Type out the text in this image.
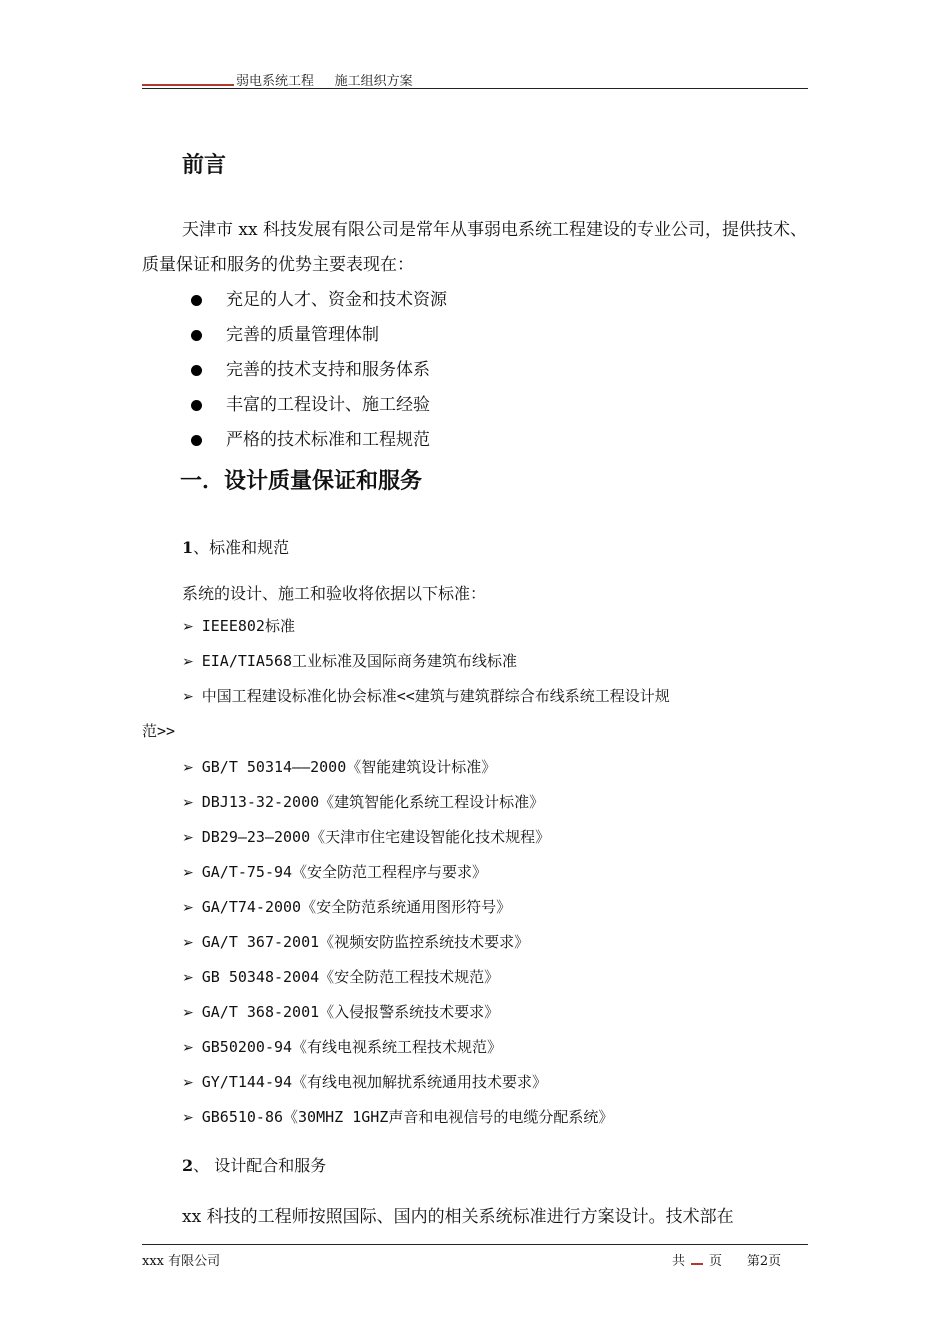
弱电系统工程     施工组织方案
前言

天津市 xx 科技发展有限公司是常年从事弱电系统工程建设的专业公司，提供技术、质量保证和服务的优势主要表现在：

充足的人才、资金和技术资源
完善的质量管理体制
完善的技术支持和服务体系
丰富的工程设计、施工经验
严格的技术标准和工程规范
一．设计质量保证和服务
1、标准和规范
系统的设计、施工和验收将依据以下标准：
➢ IEEE802标准
➢ EIA/TIA568工业标准及国际商务建筑布线标准
➢ 中国工程建设标准化协会标准<<建筑与建筑群综合布线系统工程设计规
范>>
➢ GB/T 50314——2000《智能建筑设计标准》
➢ DBJ13-32-2000《建筑智能化系统工程设计标准》
➢ DB29—23—2000《天津市住宅建设智能化技术规程》
➢ GA/T-75-94《安全防范工程程序与要求》
➢ GA/T74-2000《安全防范系统通用图形符号》
➢ GA/T 367-2001《视频安防监控系统技术要求》
➢ GB 50348-2004《安全防范工程技术规范》
➢ GA/T 368-2001《入侵报警系统技术要求》
➢ GB50200-94《有线电视系统工程技术规范》
➢ GY/T144-94《有线电视加解扰系统通用技术要求》
➢ GB6510-86《30MHZ 1GHZ声音和电视信号的电缆分配系统》
2、 设计配合和服务
xx 科技的工程师按照国际、国内的相关系统标准进行方案设计。技术部在
xxx 有限公司	共 页 第2页
